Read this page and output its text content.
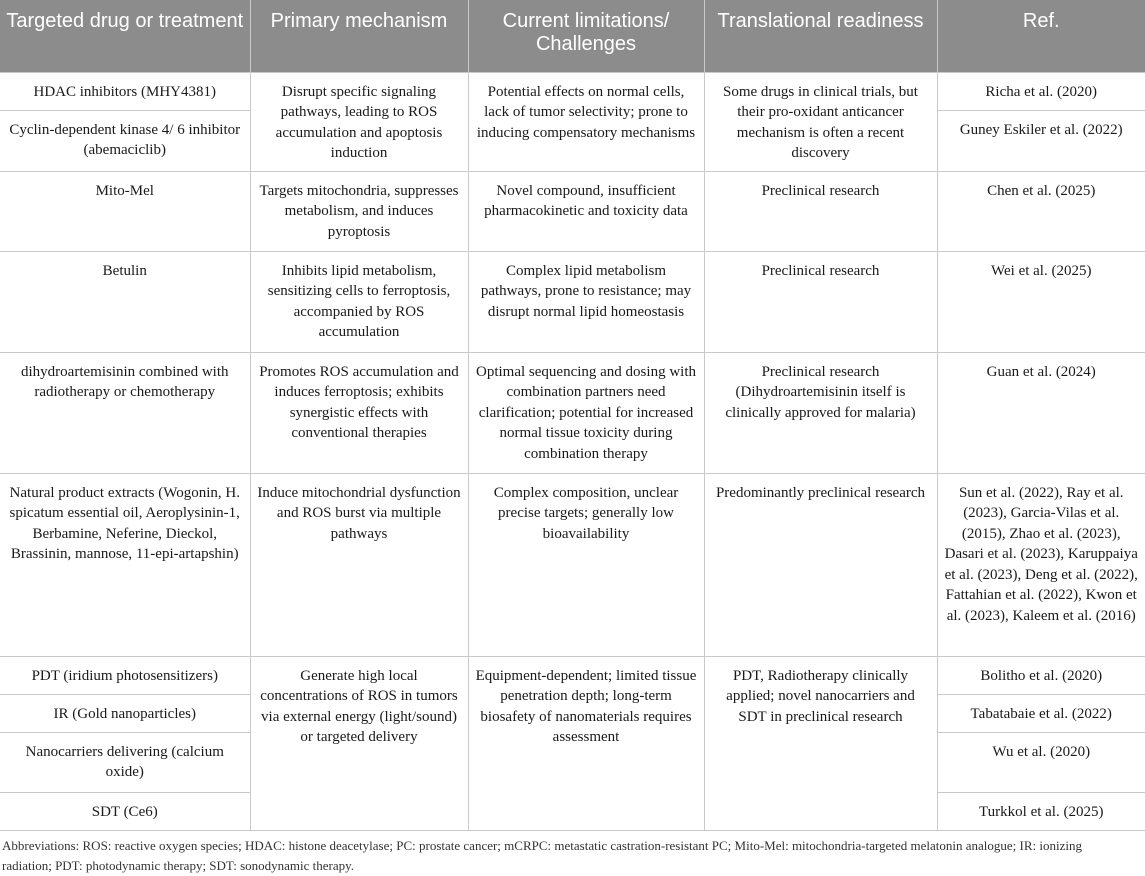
Targeted drug or treatment	Primary mechanism	Current limitations/ Challenges	Translational readiness	Ref.
HDAC inhibitors (MHY4381)	Disrupt specific signaling pathways, leading to ROS accumulation and apoptosis induction	Potential effects on normal cells, lack of tumor selectivity; prone to inducing compensatory mechanisms	Some drugs in clinical trials, but their pro-oxidant anticancer mechanism is often a recent discovery	Richa et al. (2020)
Cyclin-dependent kinase 4/ 6 inhibitor (abemaciclib)				Guney Eskiler et al. (2022)
Mito-Mel	Targets mitochondria, suppresses metabolism, and induces pyroptosis	Novel compound, insufficient pharmacokinetic and toxicity data	Preclinical research	Chen et al. (2025)
Betulin	Inhibits lipid metabolism, sensitizing cells to ferroptosis, accompanied by ROS accumulation	Complex lipid metabolism pathways, prone to resistance; may disrupt normal lipid homeostasis	Preclinical research	Wei et al. (2025)
dihydroartemisinin combined with radiotherapy or chemotherapy	Promotes ROS accumulation and induces ferroptosis; exhibits synergistic effects with conventional therapies	Optimal sequencing and dosing with combination partners need clarification; potential for increased normal tissue toxicity during combination therapy	Preclinical research (Dihydroartemisinin itself is clinically approved for malaria)	Guan et al. (2024)
Natural product extracts (Wogonin, H. spicatum essential oil, Aeroplysinin-1, Berbamine, Neferine, Dieckol, Brassinin, mannose, 11-epi-artapshin)	Induce mitochondrial dysfunction and ROS burst via multiple pathways	Complex composition, unclear precise targets; generally low bioavailability	Predominantly preclinical research	Sun et al. (2022), Ray et al. (2023), Garcia-Vilas et al. (2015), Zhao et al. (2023), Dasari et al. (2023), Karuppaiya et al. (2023), Deng et al. (2022), Fattahian et al. (2022), Kwon et al. (2023), Kaleem et al. (2016)
PDT (iridium photosensitizers)	Generate high local concentrations of ROS in tumors via external energy (light/sound) or targeted delivery	Equipment-dependent; limited tissue penetration depth; long-term biosafety of nanomaterials requires assessment	PDT, Radiotherapy clinically applied; novel nanocarriers and SDT in preclinical research	Bolitho et al. (2020)
IR (Gold nanoparticles)				Tabatabaie et al. (2022)
Nanocarriers delivering (calcium oxide)				Wu et al. (2020)
SDT (Ce6)				Turkkol et al. (2025)
Abbreviations: ROS: reactive oxygen species; HDAC: histone deacetylase; PC: prostate cancer; mCRPC: metastatic castration-resistant PC; Mito-Mel: mitochondria-targeted melatonin analogue; IR: ionizing radiation; PDT: photodynamic therapy; SDT: sonodynamic therapy.
